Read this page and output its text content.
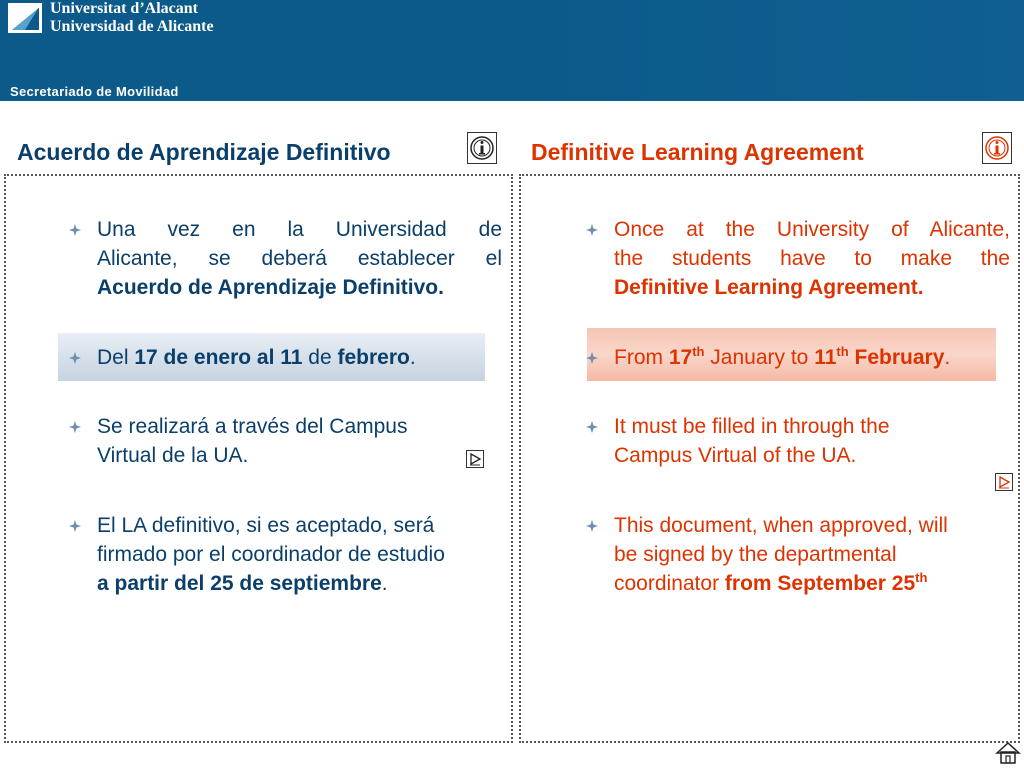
Universitat d’Alacant
Universidad de Alicante
Secretariado de Movilidad
Acuerdo de Aprendizaje Definitivo	Definitive Learning Agreement
Una vez en la Universidad de
Alicante, se deberá establecer el
Acuerdo de Aprendizaje Definitivo.
Del 17 de enero al 11 de febrero.
Se realizará a través del Campus
Virtual de la UA.
El LA definitivo, si es aceptado, será
firmado por el coordinador de estudio
a partir del 25 de septiembre.
Once at the University of Alicante,
the students have to make the
Definitive Learning Agreement.
From 17th January to 11th February.
It must be filled in through the
Campus Virtual of the UA.
This document, when approved, will
be signed by the departmental
coordinator from September 25th
